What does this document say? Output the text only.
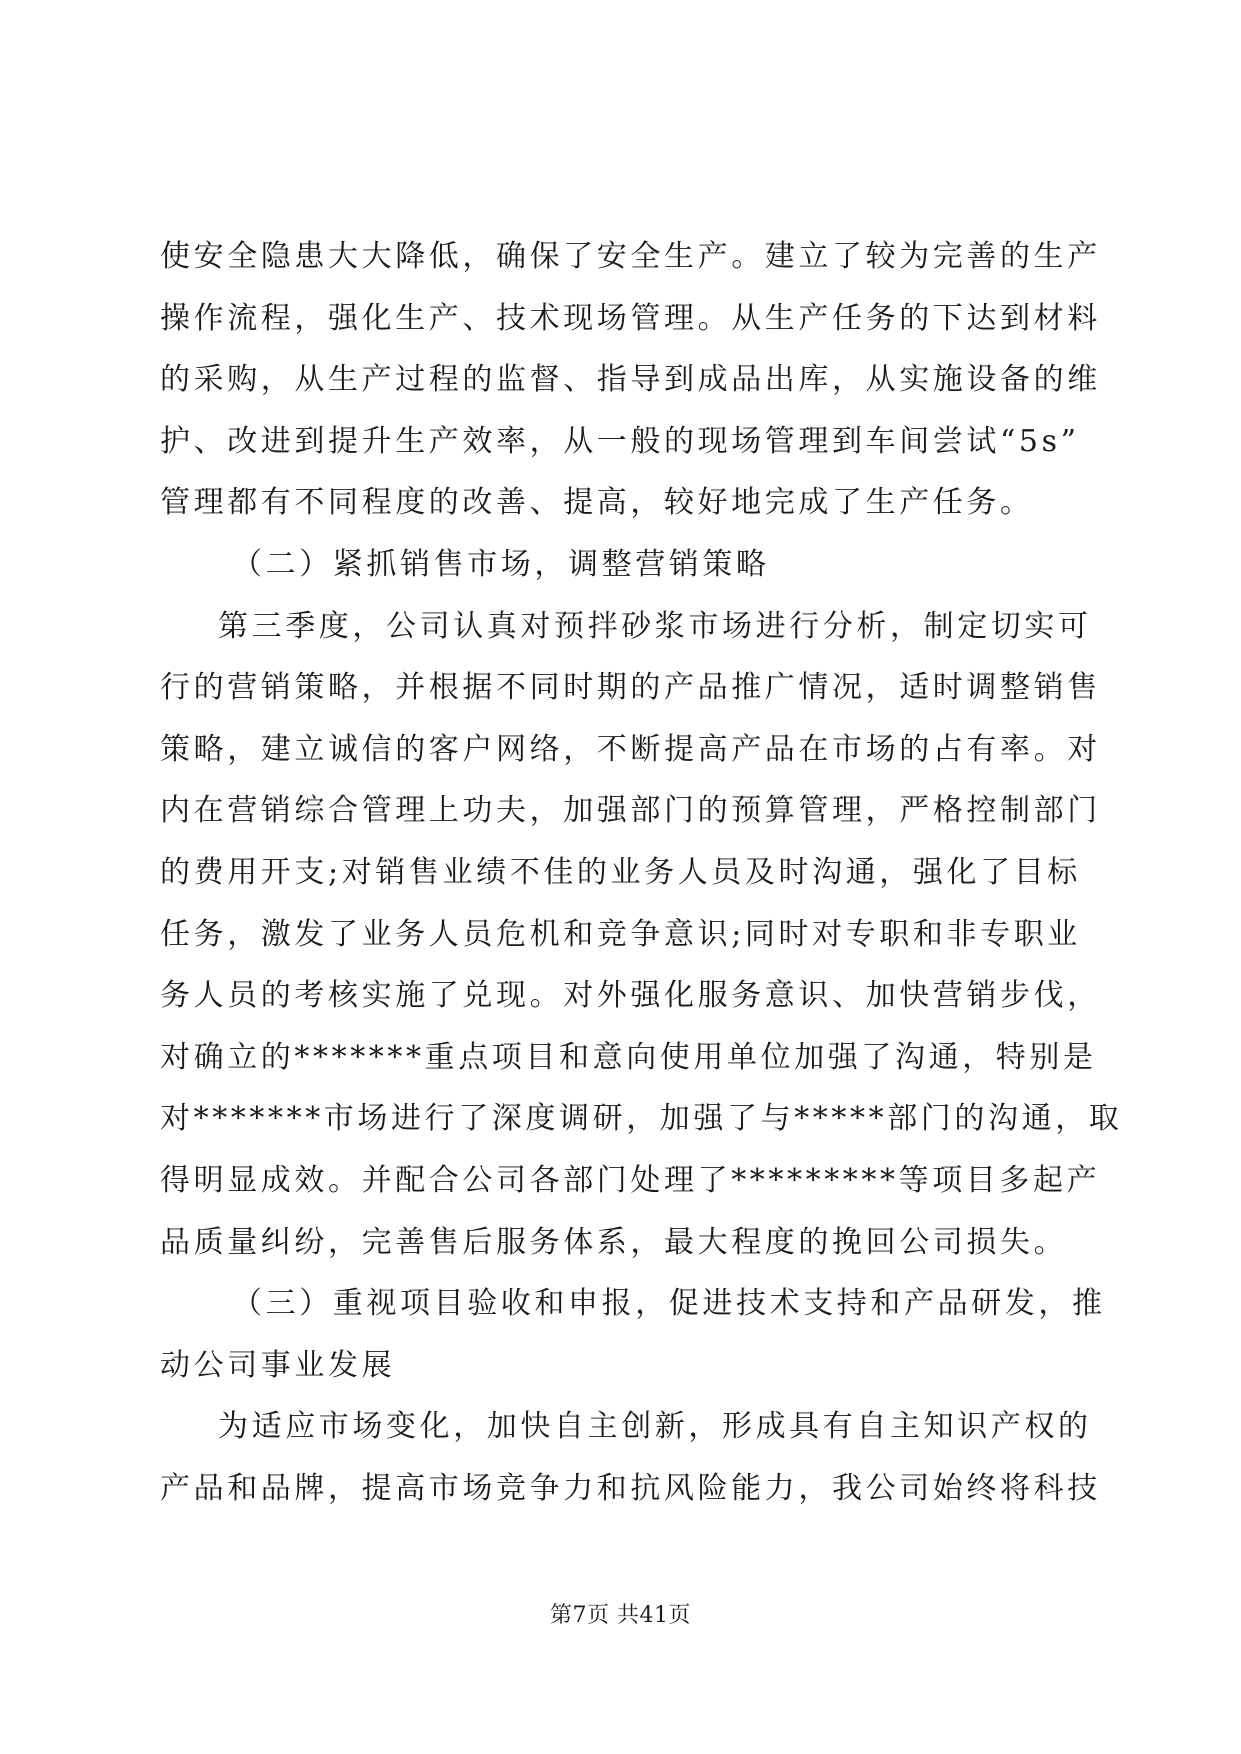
使安全隐患大大降低，确保了安全生产。建立了较为完善的生产
操作流程，强化生产、技术现场管理。从生产任务的下达到材料
的采购，从生产过程的监督、指导到成品出库，从实施设备的维
护、改进到提升生产效率，从一般的现场管理到车间尝试“5s”
管理都有不同程度的改善、提高，较好地完成了生产任务。
（二）紧抓销售市场，调整营销策略
第三季度，公司认真对预拌砂浆市场进行分析，制定切实可
行的营销策略，并根据不同时期的产品推广情况，适时调整销售
策略，建立诚信的客户网络，不断提高产品在市场的占有率。对
内在营销综合管理上功夫，加强部门的预算管理，严格控制部门
的费用开支;对销售业绩不佳的业务人员及时沟通，强化了目标
任务，激发了业务人员危机和竞争意识;同时对专职和非专职业
务人员的考核实施了兑现。对外强化服务意识、加快营销步伐，
对确立的*******重点项目和意向使用单位加强了沟通，特别是
对*******市场进行了深度调研，加强了与*****部门的沟通，取
得明显成效。并配合公司各部门处理了*********等项目多起产
品质量纠纷，完善售后服务体系，最大程度的挽回公司损失。
（三）重视项目验收和申报，促进技术支持和产品研发，推
动公司事业发展
为适应市场变化，加快自主创新，形成具有自主知识产权的
产品和品牌，提高市场竞争力和抗风险能力，我公司始终将科技
第7页 共41页
